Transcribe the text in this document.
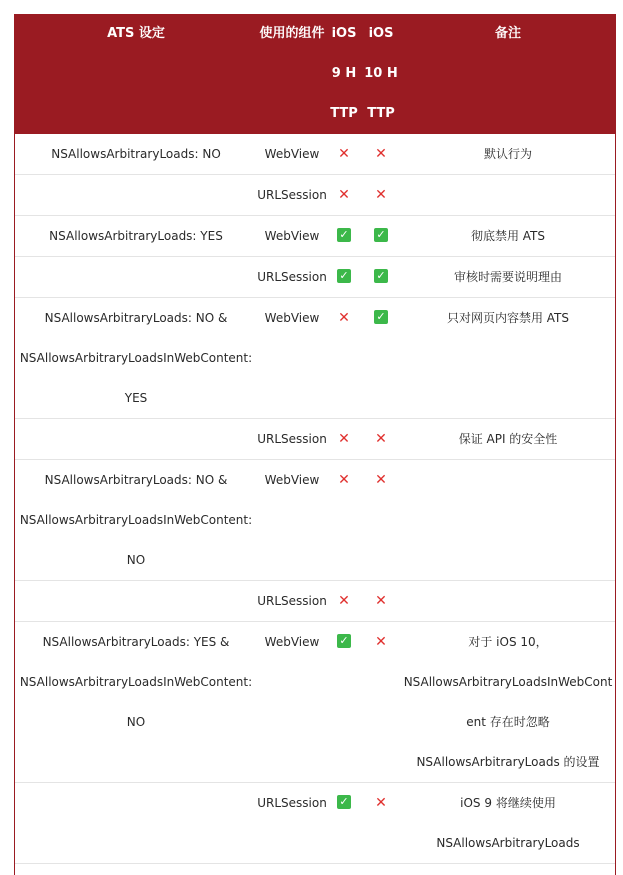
ATS 设定	使用的组件	iOS 9 HTTP	iOS 10 HTTP	备注
NSAllowsArbitraryLoads: NO	WebView	✕	✕	默认行为
	URLSession	✕	✕	
NSAllowsArbitraryLoads: YES	WebView	✓	✓	彻底禁用 ATS
	URLSession	✓	✓	审核时需要说明理由
NSAllowsArbitraryLoads: NO & NSAllowsArbitraryLoadsInWebContent: YES	WebView	✕	✓	只对网页内容禁用 ATS
	URLSession	✕	✕	保证 API 的安全性
NSAllowsArbitraryLoads: NO & NSAllowsArbitraryLoadsInWebContent: NO	WebView	✕	✕	
	URLSession	✕	✕	
NSAllowsArbitraryLoads: YES & NSAllowsArbitraryLoadsInWebContent: NO	WebView	✓	✕	对于 iOS 10，NSAllowsArbitraryLoadsInWebContent 存在时忽略 NSAllowsArbitraryLoads 的设置
	URLSession	✓	✕	iOS 9 将继续使用 NSAllowsArbitraryLoads
